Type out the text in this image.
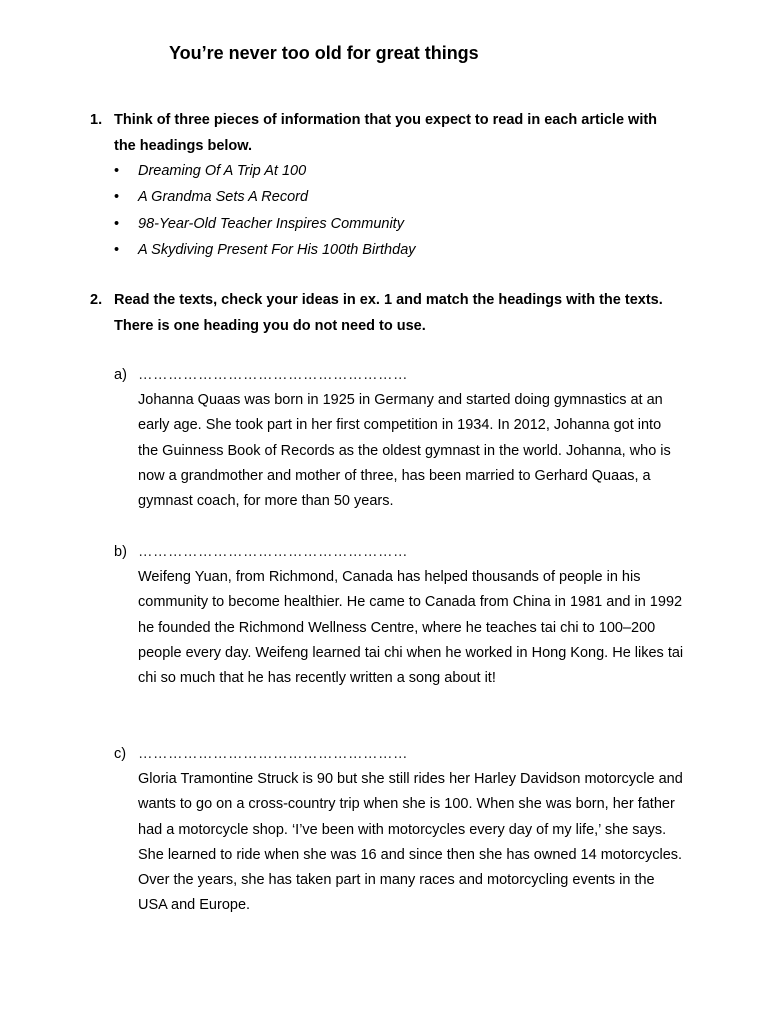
You’re never too old for great things
1. Think of three pieces of information that you expect to read in each article with the headings below.
• Dreaming Of A Trip At 100
• A Grandma Sets A Record
• 98-Year-Old Teacher Inspires Community
• A Skydiving Present For His 100th Birthday
2. Read the texts, check your ideas in ex. 1 and match the headings with the texts. There is one heading you do not need to use.
a) ………………………………………………
Johanna Quaas was born in 1925 in Germany and started doing gymnastics at an early age. She took part in her first competition in 1934. In 2012, Johanna got into the Guinness Book of Records as the oldest gymnast in the world. Johanna, who is now a grandmother and mother of three, has been married to Gerhard Quaas, a gymnast coach, for more than 50 years.
b) ………………………………………………
Weifeng Yuan, from Richmond, Canada has helped thousands of people in his community to become healthier. He came to Canada from China in 1981 and in 1992 he founded the Richmond Wellness Centre, where he teaches tai chi to 100–200 people every day. Weifeng learned tai chi when he worked in Hong Kong. He likes tai chi so much that he has recently written a song about it!
c) ………………………………………………
Gloria Tramontine Struck is 90 but she still rides her Harley Davidson motorcycle and wants to go on a cross-country trip when she is 100. When she was born, her father had a motorcycle shop. ‘I’ve been with motorcycles every day of my life,’ she says. She learned to ride when she was 16 and since then she has owned 14 motorcycles. Over the years, she has taken part in many races and motorcycling events in the USA and Europe.
